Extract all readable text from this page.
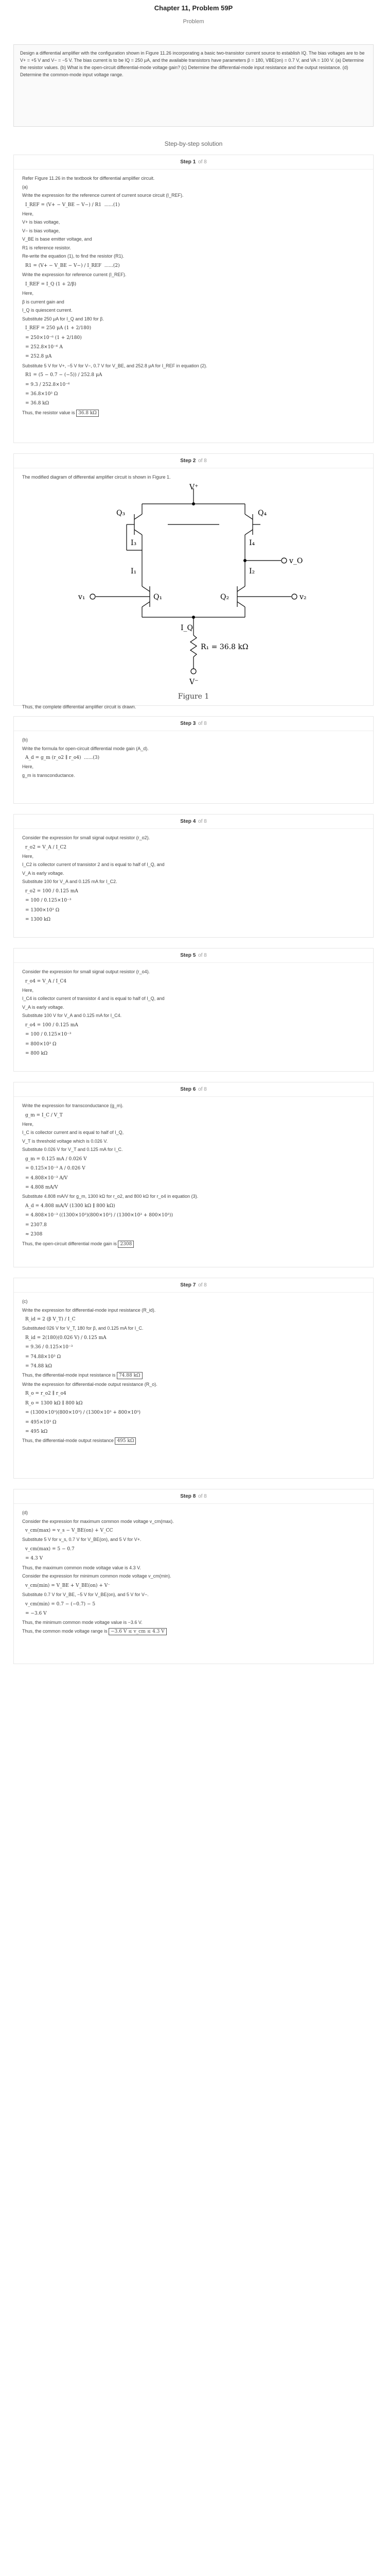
Chapter 11, Problem 59P
Problem
Design a differential amplifier with the configuration shown in Figure 11.26 incorporating a basic two-transistor current source to establish IQ. The bias voltages are to be V+ = +5 V and V− = −5 V. The bias current is to be IQ = 250 μA, and the available transistors have parameters β = 180, VBE(on) = 0.7 V, and VA = 100 V. (a) Determine the resistor values. (b) What is the open-circuit differential-mode voltage gain? (c) Determine the differential-mode input resistance and the output resistance. (d) Determine the common-mode input voltage range.
Step-by-step solution
Step 1 of 8

Refer Figure 11.26 in the textbook for differential amplifier circuit.

(a)

Write the expression for the reference current of current source circuit (I_REF).

I_REF = (V+ − V_BE − V−) / R1  ......(1)

Here,

V+ is bias voltage,

V− is bias voltage,

V_BE is base emitter voltage, and

R1 is reference resistor.

Re-write the equation (1), to find the resistor (R1).

R1 = (V+ − V_BE − V−) / I_REF  ......(2)

Write the expression for reference current (I_REF).

I_REF = I_Q (1 + 2/β)

Here,

β is current gain and

I_Q is quiescent current.

Substitute 250 μA for I_Q and 180 for β.

I_REF = 250 μA (1 + 2/180)
= 250×10⁻⁶ (1 + 2/180)
= 252.8×10⁻⁶ A
= 252.8 μA

Substitute 5 V for V+, −5 V for V−, 0.7 V for V_BE, and 252.8 μA for I_REF in equation (2).

R1 = (5 − 0.7 − (−5)) / 252.8 μA
= 9.3 / 252.8×10⁻⁶
= 36.8×10³ Ω
= 36.8 kΩ

Thus, the resistor value is 36.8 kΩ

Step 2 of 8

The modified diagram of differential amplifier circuit is shown in Figure 1.

V⁺
Q₃	Q₄
I₃	I₄
I₁	I₂
v_O
v₁	v₂
Q₁	Q₂
I_Q
R₁ = 36.8 kΩ
V⁻

Figure 1

Thus, the complete differential amplifier circuit is drawn.

Step 3 of 8

(b)

Write the formula for open-circuit differential mode gain (A_d).

A_d = g_m (r_o2 ∥ r_o4)  ......(3)

Here,

g_m is transconductance.

Step 4 of 8

Consider the expression for small signal output resistor (r_o2).

r_o2 = V_A / I_C2

Here,

I_C2 is collector current of transistor 2 and is equal to half of I_Q, and

V_A is early voltage.

Substitute 100 for V_A and 0.125 mA for I_C2.

r_o2 = 100 / 0.125 mA
= 100 / 0.125×10⁻³
= 1300×10³ Ω
= 1300 kΩ
Step 5 of 8

Consider the expression for small signal output resistor (r_o4).

r_o4 = V_A / I_C4

Here,

I_C4 is collector current of transistor 4 and is equal to half of I_Q, and

V_A is early voltage.

Substitute 100 V for V_A and 0.125 mA for I_C4.

r_o4 = 100 / 0.125 mA
= 100 / 0.125×10⁻³
= 800×10³ Ω
= 800 kΩ
Step 6 of 8

Write the expression for transconductance (g_m).

g_m = I_C / V_T

Here,

I_C is collector current and is equal to half of I_Q,

V_T is threshold voltage which is 0.026 V.

Substitute 0.026 V for V_T and 0.125 mA for I_C.

g_m = 0.125 mA / 0.026 V
= 0.125×10⁻³ A / 0.026 V
= 4.808×10⁻³ A/V
= 4.808 mA/V

Substitute 4.808 mA/V for g_m, 1300 kΩ for r_o2, and 800 kΩ for r_o4 in equation (3).

A_d = 4.808 mA/V (1300 kΩ ∥ 800 kΩ)
= 4.808×10⁻³ ((1300×10³)(800×10³) / (1300×10³ + 800×10³))
= 2307.8
≈ 2308

Thus, the open-circuit differential mode gain is 2308

Step 7 of 8

(c)

Write the expression for differential-mode input resistance (R_id).

R_id = 2 (β V_T) / I_C

Substituted 026 V for V_T, 180 for β, and 0.125 mA for I_C.

R_id = 2(180)(0.026 V) / 0.125 mA
= 9.36 / 0.125×10⁻³
= 74.88×10³ Ω
= 74.88 kΩ

Thus, the differential-mode input resistance is 74.88 kΩ

Write the expression for differential-mode output resistance (R_o).

R_o = r_o2 ∥ r_o4
R_o = 1300 kΩ ∥ 800 kΩ
= (1300×10³)(800×10³) / (1300×10³ + 800×10³)
= 495×10³ Ω
= 495 kΩ

Thus, the differential-mode output resistance 495 kΩ

Step 8 of 8

(d)

Consider the expression for maximum common mode voltage v_cm(max).

v_cm(max) = v_s − V_BE(on) + V_CC

Substitute 5 V for v_s, 0.7 V for V_BE(on), and 5 V for V+.

v_cm(max) = 5 − 0.7
= 4.3 V

Thus, the maximum common mode voltage value is 4.3 V.

Consider the expression for minimum common mode voltage v_cm(min).

v_cm(min) = V_BE + V_BE(on) + V⁻

Substitute 0.7 V for V_BE, −5 V for V_BE(on), and 5 V for V−.

v_cm(min) = 0.7 − (−0.7) − 5
= −3.6 V

Thus, the minimum common mode voltage value is −3.6 V.

Thus, the common mode voltage range is −3.6 V ≤ v_cm ≤ 4.3 V
